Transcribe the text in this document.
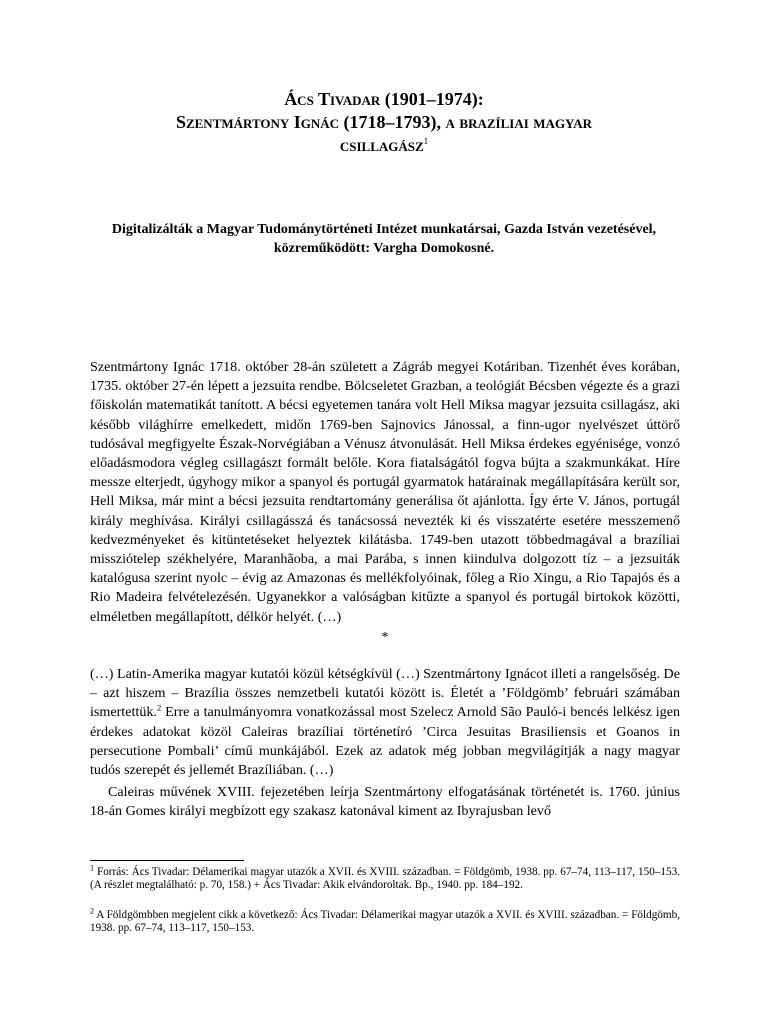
Ács Tivadar (1901–1974):
Szentmártony Ignác (1718–1793), a brazíliai magyar
csillagász$^1$
Digitalizálták a Magyar Tudománytörténeti Intézet munkatársai, Gazda István vezetésével, közreműködött: Vargha Domokosné.

Szentmártony Ignác 1718. október 28-án született a Zágráb megyei Kotáriban. Tizenhét éves korában, 1735. október 27-én lépett a jezsuita rendbe. Bölcseletet Grazban, a teológiát Bécsben végezte és a grazi főiskolán matematikát tanított. A bécsi egyetemen tanára volt Hell Miksa magyar jezsuita csillagász, aki később világhírre emelkedett, midőn 1769-ben Sajnovics Jánossal, a finn-ugor nyelvészet úttörő tudósával megfigyelte Észak-Norvégiában a Vénusz átvonulását. Hell Miksa érdekes egyénisége, vonzó előadásmodora végleg csillagászt formált belőle. Kora fiatalságától fogva bújta a szakmunkákat. Híre messze elterjedt, úgyhogy mikor a spanyol és portugál gyarmatok határainak megállapítására került sor, Hell Miksa, már mint a bécsi jezsuita rendtartomány generálisa őt ajánlotta. Így érte V. János, portugál király meghívása. Királyi csillagásszá és tanácsossá nevezték ki és visszatérte esetére messzemenő kedvezményeket és kitüntetéseket helyeztek kilátásba. 1749-ben utazott többedmagával a brazíliai missziótelep székhelyére, Maranhãoba, a mai Parába, s innen kiindulva dolgozott tíz – a jezsuiták katalógusa szerint nyolc – évig az Amazonas és mellékfolyóinak, főleg a Rio Xingu, a Rio Tapajós és a Rio Madeira felvételezésén. Ugyanekkor a valóságban kitűzte a spanyol és portugál birtokok közötti, elméletben megállapított, délkör helyét. (…)

*

(…) Latin-Amerika magyar kutatói közül kétségkívül (…) Szentmártony Ignácot illeti a rangelsőség. De – azt hiszem – Brazília összes nemzetbeli kutatói között is. Életét a ’Földgömb’ februári számában ismertettük.$^2$ Erre a tanulmányomra vonatkozással most Szelecz Arnold São Pauló-i bencés lelkész igen érdekes adatokat közöl Caleiras brazíliai történetíró ’Circa Jesuitas Brasiliensis et Goanos in persecutione Pombali’ című munkájából. Ezek az adatok még jobban megvilágítják a nagy magyar tudós szerepét és jellemét Brazíliában. (…)

Caleiras művének XVIII. fejezetében leírja Szentmártony elfogatásának történetét is. 1760. június 18-án Gomes királyi megbízott egy szakasz katonával kiment az Ibyrajusban levő

$^1$ Forrás: Ács Tivadar: Délamerikai magyar utazók a XVII. és XVIII. században. = Földgömb, 1938. pp. 67–74, 113–117, 150–153. (A részlet megtalálható: p. 70, 158.) + Ács Tivadar: Akik elvándoroltak. Bp., 1940. pp. 184–192.
$^2$ A Földgömbben megjelent cikk a következő: Ács Tivadar: Délamerikai magyar utazók a XVII. és XVIII. században. = Földgömb, 1938. pp. 67–74, 113–117, 150–153.
